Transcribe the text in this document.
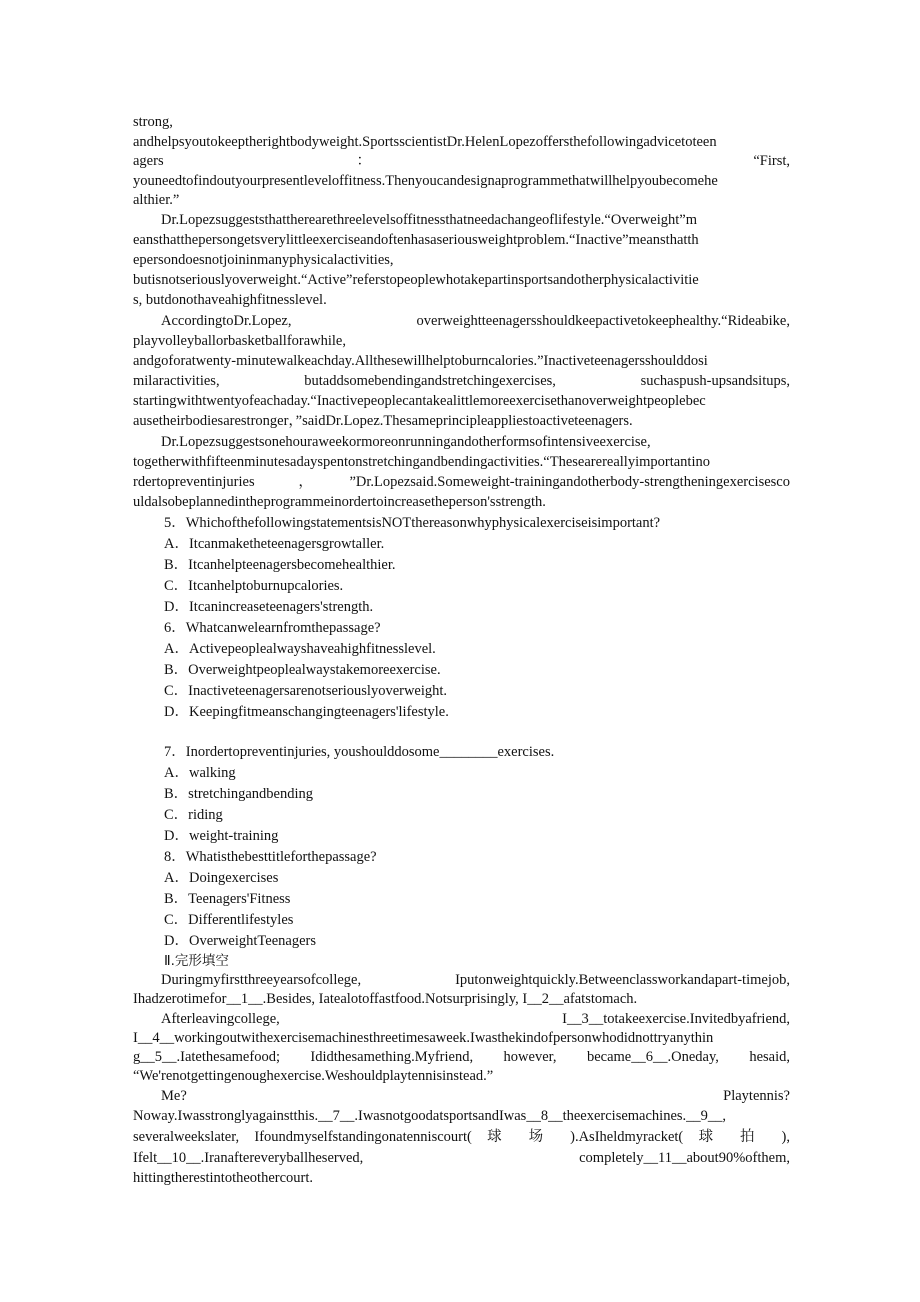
strong,
andhelpsyoutokeeptherightbodyweight.SportsscientistDr.HelenLopezoffersthefollowingadvicetoteen
agers ： “First,
youneedtofindoutyourpresentleveloffitness.Thenyoucandesignaprogrammethatwillhelpyoubecomehe
althier.”
Dr.Lopezsuggeststhattherearethreelevelsoffitnessthatneedachangeoflifestyle.“Overweight”m
eansthatthepersongetsverylittleexerciseandoftenhasaseriousweightproblem.“Inactive”meansthatth
epersondoesnotjoininmanyphysicalactivities,
butisnotseriouslyoverweight.“Active”referstopeoplewhotakepartinsportsandotherphysicalactivitie
s, butdonothaveahighfitnesslevel.
AccordingtoDr.Lopez, overweightteenagersshouldkeepactivetokeephealthy.“Rideabike,
playvolleyballorbasketballforawhile,
andgoforatwenty-minutewalkeachday.Allthesewillhelptoburncalories.”Inactiveteenagersshoulddosi
milaractivities, butaddsomebendingandstretchingexercises, suchaspush-upsandsitups,
startingwithtwentyofeachaday.“Inactivepeoplecantakealittlemoreexercisethanoverweightpeoplebec
ausetheirbodiesarestronger，”saidDr.Lopez.Thesameprincipleappliestoactiveteenagers.
Dr.Lopezsuggestsonehouraweekormoreonrunningandotherformsofintensiveexercise,
togetherwithfifteenminutesadayspentonstretchingandbendingactivities.“Thesearereallyimportantino
rdertopreventinjuries，”Dr.Lopezsaid.Someweight-trainingandotherbody-strengtheningexercisesco
uldalsobeplannedintheprogrammeinordertoincreasetheperson'sstrength.
5．WhichofthefollowingstatementsisNOTthereasonwhyphysicalexerciseisimportant?
A．Itcanmaketheteenagersgrowtaller.
B．Itcanhelpteenagersbecomehealthier.
C．Itcanhelptoburnupcalories.
D．Itcanincreaseteenagers'strength.
6．Whatcanwelearnfromthepassage?
A．Activepeoplealwayshaveahighfitnesslevel.
B．Overweightpeoplealwaystakemoreexercise.
C．Inactiveteenagersarenotseriouslyoverweight.
D．Keepingfitmeanschangingteenagers'lifestyle.
7．Inordertopreventinjuries, youshoulddosome________exercises.
A．walking
B．stretchingandbending
C．riding
D．weight-training
8．Whatisthebesttitleforthepassage?
A．Doingexercises
B．Teenagers'Fitness
C．Differentlifestyles
D．OverweightTeenagers
Ⅱ.完形填空
Duringmyfirstthreeyearsofcollege, Iputonweightquickly.Betweenclassworkandapart-timejob,
Ihadzerotimefor__1__.Besides, Iatealotoffastfood.Notsurprisingly, I__2__afatstomach.
Afterleavingcollege, I__3__totakeexercise.Invitedbyafriend,
I__4__workingoutwithexercisemachinesthreetimesaweek.Iwasthekindofpersonwhodidnottryanythin
g__5__.Iatethesamefood; Ididthesamething.Myfriend, however, became__6__.Oneday, hesaid,
“We'renotgettingenoughexercise.Weshouldplaytennisinstead.”
Me? Playtennis?
Noway.Iwasstronglyagainstthis.__7__.IwasnotgoodatsportsandIwas__8__theexercisemachines.__9__,
severalweekslater, Ifoundmyselfstandingonatenniscourt( 球 场 ).AsIheldmyracket( 球 拍 ),
Ifelt__10__.Iranaftereveryballheserved, completely__11__about90%ofthem,
hittingtherestintotheothercourt.
